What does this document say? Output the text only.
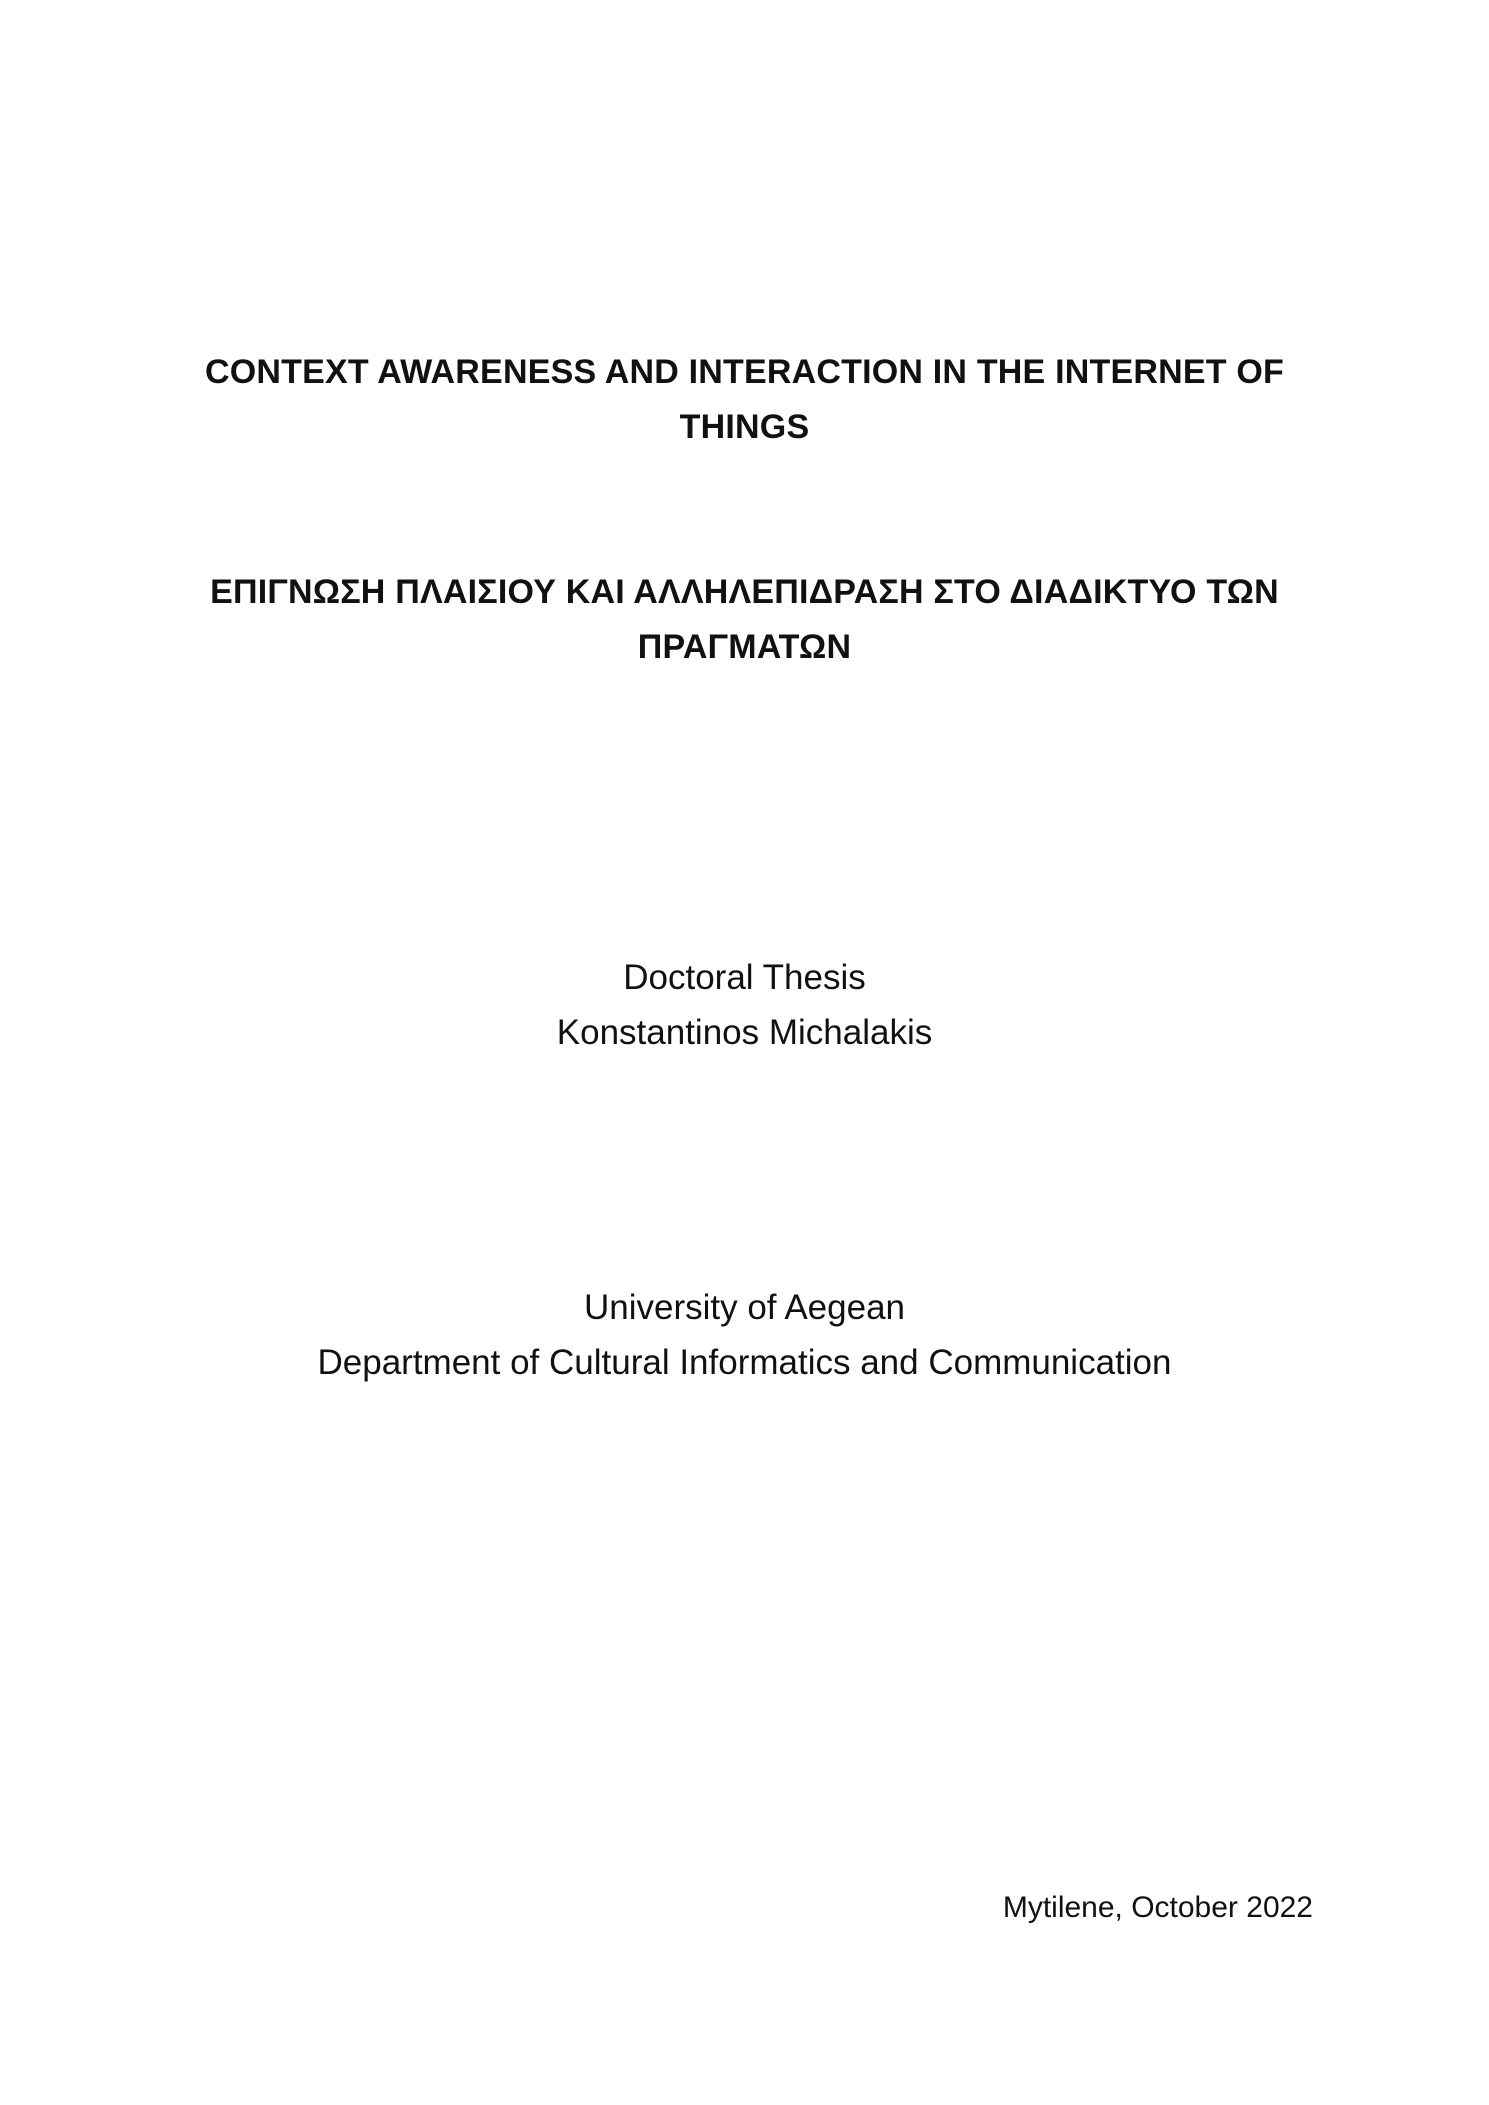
CONTEXT AWARENESS AND INTERACTION IN THE INTERNET OF
THINGS
ΕΠΙΓΝΩΣΗ ΠΛΑΙΣΙΟΥ ΚΑΙ ΑΛΛΗΛΕΠΙΔΡΑΣΗ ΣΤΟ ΔΙΑΔΙΚΤΥΟ ΤΩΝ
ΠΡΑΓΜΑΤΩΝ
Doctoral Thesis
Konstantinos Michalakis
University of Aegean
Department of Cultural Informatics and Communication
Mytilene, October 2022
